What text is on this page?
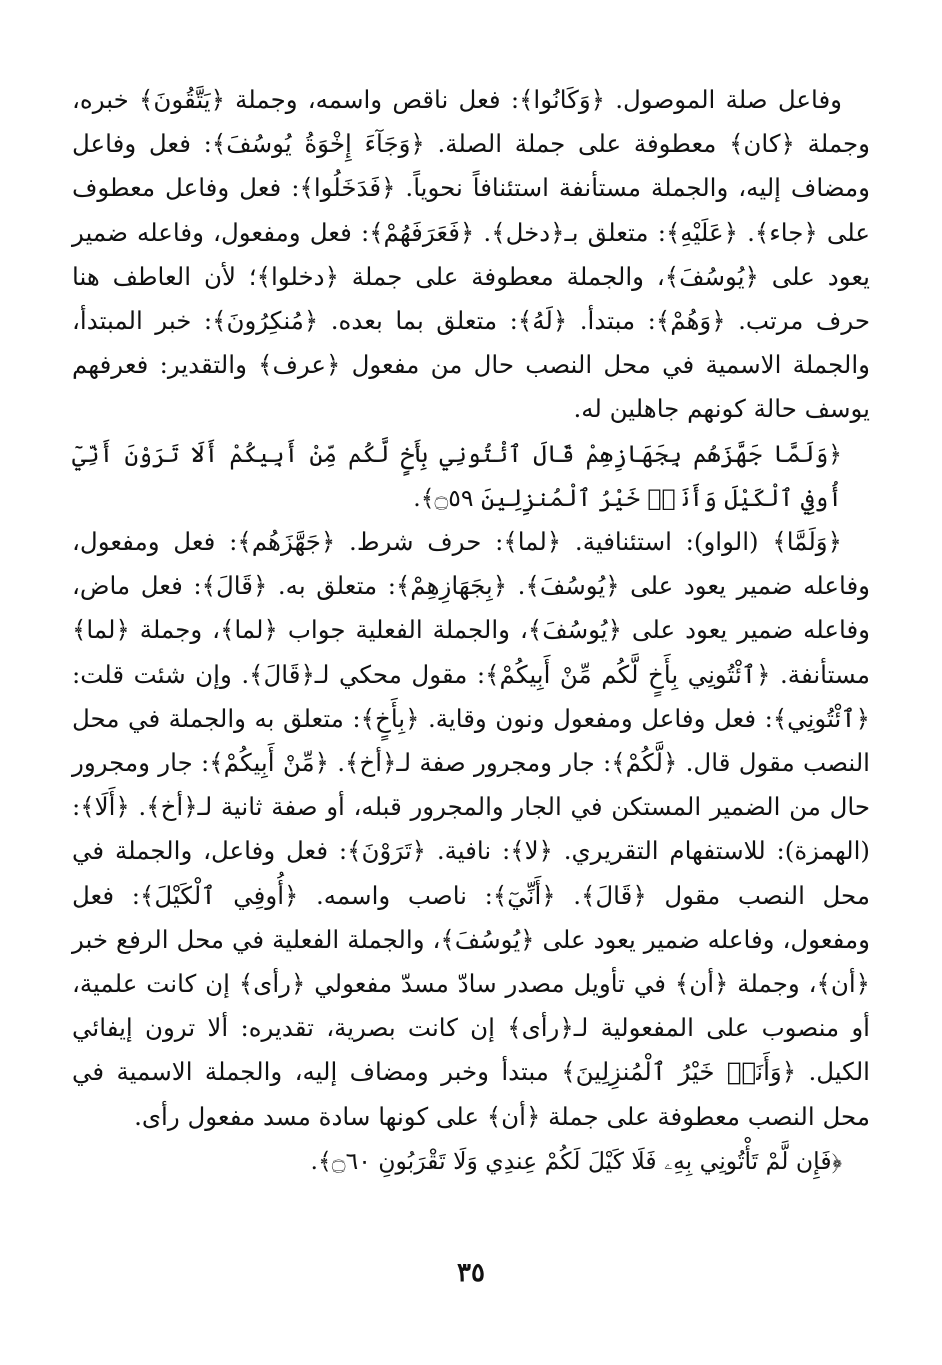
وفاعل صلة الموصول. ﴿وَكَانُوا﴾: فعل ناقص واسمه، وجملة ﴿يَتَّقُونَ﴾ خبره، وجملة ﴿كان﴾ معطوفة على جملة الصلة. ﴿وَجَآءَ إِخْوَةُ يُوسُفَ﴾: فعل وفاعل ومضاف إليه، والجملة مستأنفة استئنافاً نحوياً. ﴿فَدَخَلُوا﴾: فعل وفاعل معطوف على ﴿جاء﴾. ﴿عَلَيْهِ﴾: متعلق بـ﴿دخل﴾. ﴿فَعَرَفَهُمْ﴾: فعل ومفعول، وفاعله ضمير يعود على ﴿يُوسُفَ﴾، والجملة معطوفة على جملة ﴿دخلوا﴾؛ لأن العاطف هنا حرف مرتب. ﴿وَهُمْ﴾: مبتدأ. ﴿لَهُ﴾: متعلق بما بعده. ﴿مُنكِرُونَ﴾: خبر المبتدأ، والجملة الاسمية في محل النصب حال من مفعول ﴿عرف﴾ والتقدير: فعرفهم يوسف حالة كونهم جاهلين له.

﴿وَلَمَّا جَهَّزَهُم بِجَهَازِهِمْ قَالَ ٱئْتُونِي بِأَخٍ لَّكُم مِّنْ أَبِيكُمْ أَلَا تَرَوْنَ أَنِّيٓ أُوفِي ٱلْكَيْلَ وَأَنَا۠ خَيْرُ ٱلْمُنزِلِينَ ۝٥٩﴾.

﴿وَلَمَّا﴾ (الواو): استئنافية. ﴿لما﴾: حرف شرط. ﴿جَهَّزَهُم﴾: فعل ومفعول، وفاعله ضمير يعود على ﴿يُوسُفَ﴾. ﴿بِجَهَازِهِمْ﴾: متعلق به. ﴿قَالَ﴾: فعل ماض، وفاعله ضمير يعود على ﴿يُوسُفَ﴾، والجملة الفعلية جواب ﴿لما﴾، وجملة ﴿لما﴾ مستأنفة. ﴿ٱئْتُونِي بِأَخٍ لَّكُم مِّنْ أَبِيكُمْ﴾: مقول محكي لـ﴿قَالَ﴾. وإن شئت قلت: ﴿ٱئْتُونِي﴾: فعل وفاعل ومفعول ونون وقاية. ﴿بِأَخٍ﴾: متعلق به والجملة في محل النصب مقول قال. ﴿لَّكُمْ﴾: جار ومجرور صفة لـ﴿أخ﴾. ﴿مِّنْ أَبِيكُمْ﴾: جار ومجرور حال من الضمير المستكن في الجار والمجرور قبله، أو صفة ثانية لـ﴿أخ﴾. ﴿أَلَا﴾: (الهمزة): للاستفهام التقريري. ﴿لا﴾: نافية. ﴿تَرَوْنَ﴾: فعل وفاعل، والجملة في محل النصب مقول ﴿قَالَ﴾. ﴿أَنِّيٓ﴾: ناصب واسمه. ﴿أُوفِي ٱلْكَيْلَ﴾: فعل ومفعول، وفاعله ضمير يعود على ﴿يُوسُفَ﴾، والجملة الفعلية في محل الرفع خبر ﴿أن﴾، وجملة ﴿أن﴾ في تأويل مصدر سادّ مسدّ مفعولي ﴿رأى﴾ إن كانت علمية، أو منصوب على المفعولية لـ﴿رأى﴾ إن كانت بصرية، تقديره: ألا ترون إيفائي الكيل. ﴿وَأَنَا۠ خَيْرُ ٱلْمُنزِلِينَ﴾ مبتدأ وخبر ومضاف إليه، والجملة الاسمية في محل النصب معطوفة على جملة ﴿أن﴾ على كونها سادة مسد مفعول رأى.

﴿فَإِن لَّمْ تَأْتُونِي بِهِۦ فَلَا كَيْلَ لَكُمْ عِندِي وَلَا تَقْرَبُونِ ۝٦٠﴾.

٣٥
